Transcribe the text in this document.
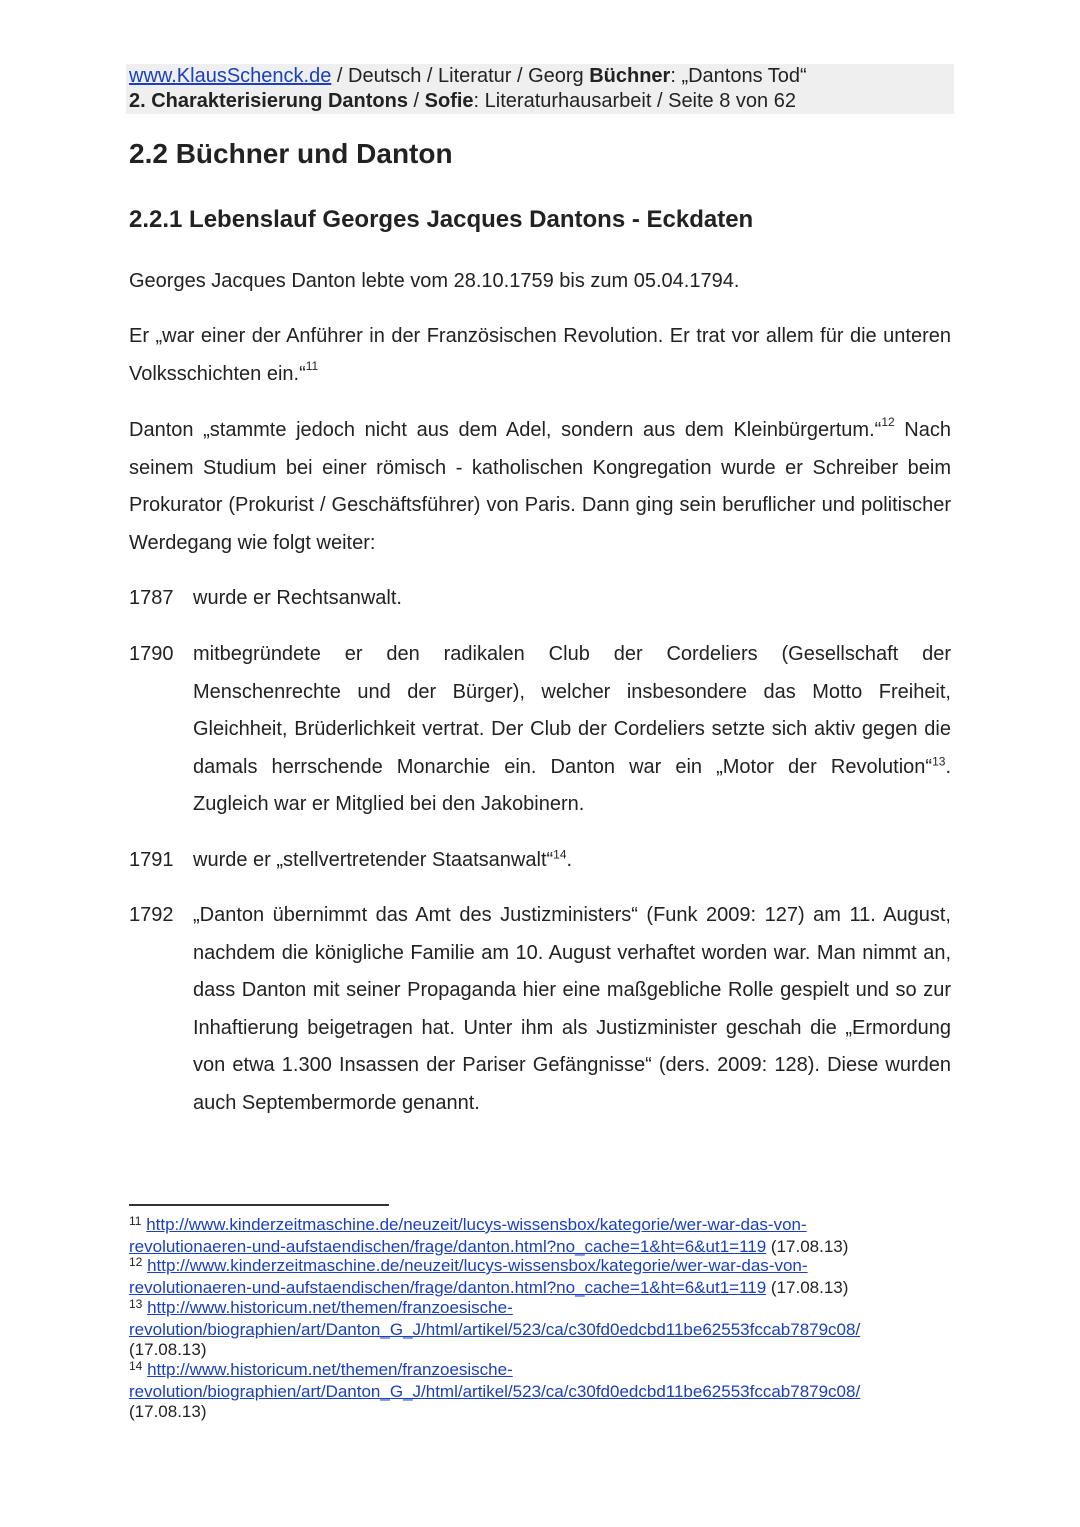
www.KlausSchenck.de / Deutsch / Literatur / Georg Büchner: „Dantons Tod“
2. Charakterisierung Dantons / Sofie: Literaturhausarbeit / Seite 8 von 62
2.2 Büchner und Danton
2.2.1 Lebenslauf Georges Jacques Dantons - Eckdaten

Georges Jacques Danton lebte vom 28.10.1759 bis zum 05.04.1794.

Er „war einer der Anführer in der Französischen Revolution. Er trat vor allem für die unteren Volksschichten ein.“$^{11}$

Danton „stammte jedoch nicht aus dem Adel, sondern aus dem Kleinbürgertum.“$^{12}$ Nach seinem Studium bei einer römisch - katholischen Kongregation wurde er Schreiber beim Prokurator (Prokurist / Geschäftsführer) von Paris. Dann ging sein beruflicher und politischer Werdegang wie folgt weiter:

1787 wurde er Rechtsanwalt.
1790 mitbegründete er den radikalen Club der Cordeliers (Gesellschaft der Menschenrechte und der Bürger), welcher insbesondere das Motto Freiheit, Gleichheit, Brüderlichkeit vertrat. Der Club der Cordeliers setzte sich aktiv gegen die damals herrschende Monarchie ein. Danton war ein „Motor der Revolution“$^{13}$. Zugleich war er Mitglied bei den Jakobinern.
1791 wurde er „stellvertretender Staatsanwalt“$^{14}$.
1792 „Danton übernimmt das Amt des Justizministers“ (Funk 2009: 127) am 11. August, nachdem die königliche Familie am 10. August verhaftet worden war. Man nimmt an, dass Danton mit seiner Propaganda hier eine maßgebliche Rolle gespielt und so zur Inhaftierung beigetragen hat. Unter ihm als Justizminister geschah die „Ermordung von etwa 1.300 Insassen der Pariser Gefängnisse“ (ders. 2009: 128). Diese wurden auch Septembermorde genannt.
$^{11}$ http://www.kinderzeitmaschine.de/neuzeit/lucys-wissensbox/kategorie/wer-war-das-von-
revolutionaeren-und-aufstaendischen/frage/danton.html?no_cache=1&ht=6&ut1=119 (17.08.13)
$^{12}$ http://www.kinderzeitmaschine.de/neuzeit/lucys-wissensbox/kategorie/wer-war-das-von-
revolutionaeren-und-aufstaendischen/frage/danton.html?no_cache=1&ht=6&ut1=119 (17.08.13)
$^{13}$ http://www.historicum.net/themen/franzoesische-
revolution/biographien/art/Danton_G_J/html/artikel/523/ca/c30fd0edcbd11be62553fccab7879c08/
(17.08.13)
$^{14}$ http://www.historicum.net/themen/franzoesische-
revolution/biographien/art/Danton_G_J/html/artikel/523/ca/c30fd0edcbd11be62553fccab7879c08/
(17.08.13)
